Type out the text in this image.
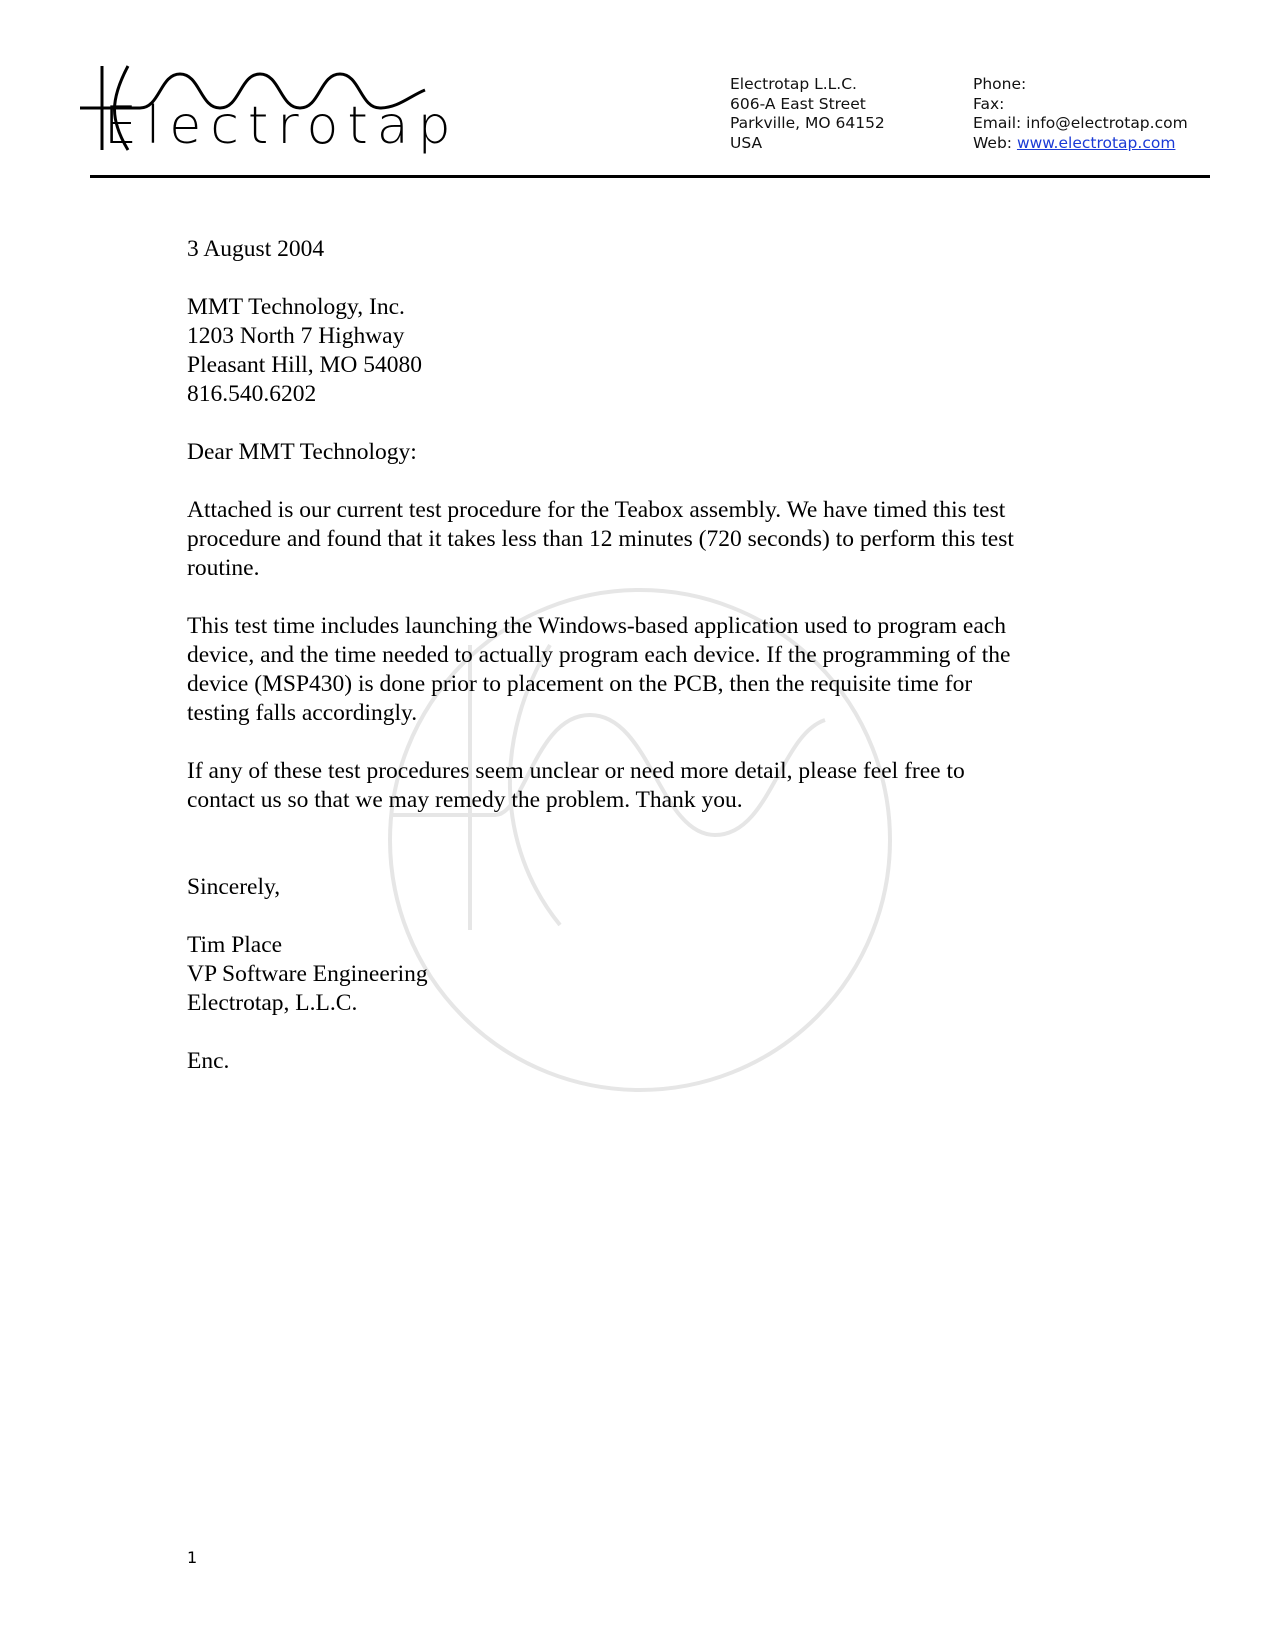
Electrotap
Electrotap L.L.C.
606-A East Street
Parkville, MO 64152
USA
Phone:
Fax:
Email: info@electrotap.com
Web: www.electrotap.com

3 August 2004

MMT Technology, Inc.
1203 North 7 Highway
Pleasant Hill, MO 54080
816.540.6202

Dear MMT Technology:

Attached is our current test procedure for the Teabox assembly. We have timed this test
procedure and found that it takes less than 12 minutes (720 seconds) to perform this test
routine.

This test time includes launching the Windows-based application used to program each
device, and the time needed to actually program each device. If the programming of the
device (MSP430) is done prior to placement on the PCB, then the requisite time for
testing falls accordingly.

If any of these test procedures seem unclear or need more detail, please feel free to
contact us so that we may remedy the problem. Thank you.

Sincerely,

Tim Place
VP Software Engineering
Electrotap, L.L.C.

Enc.

1
